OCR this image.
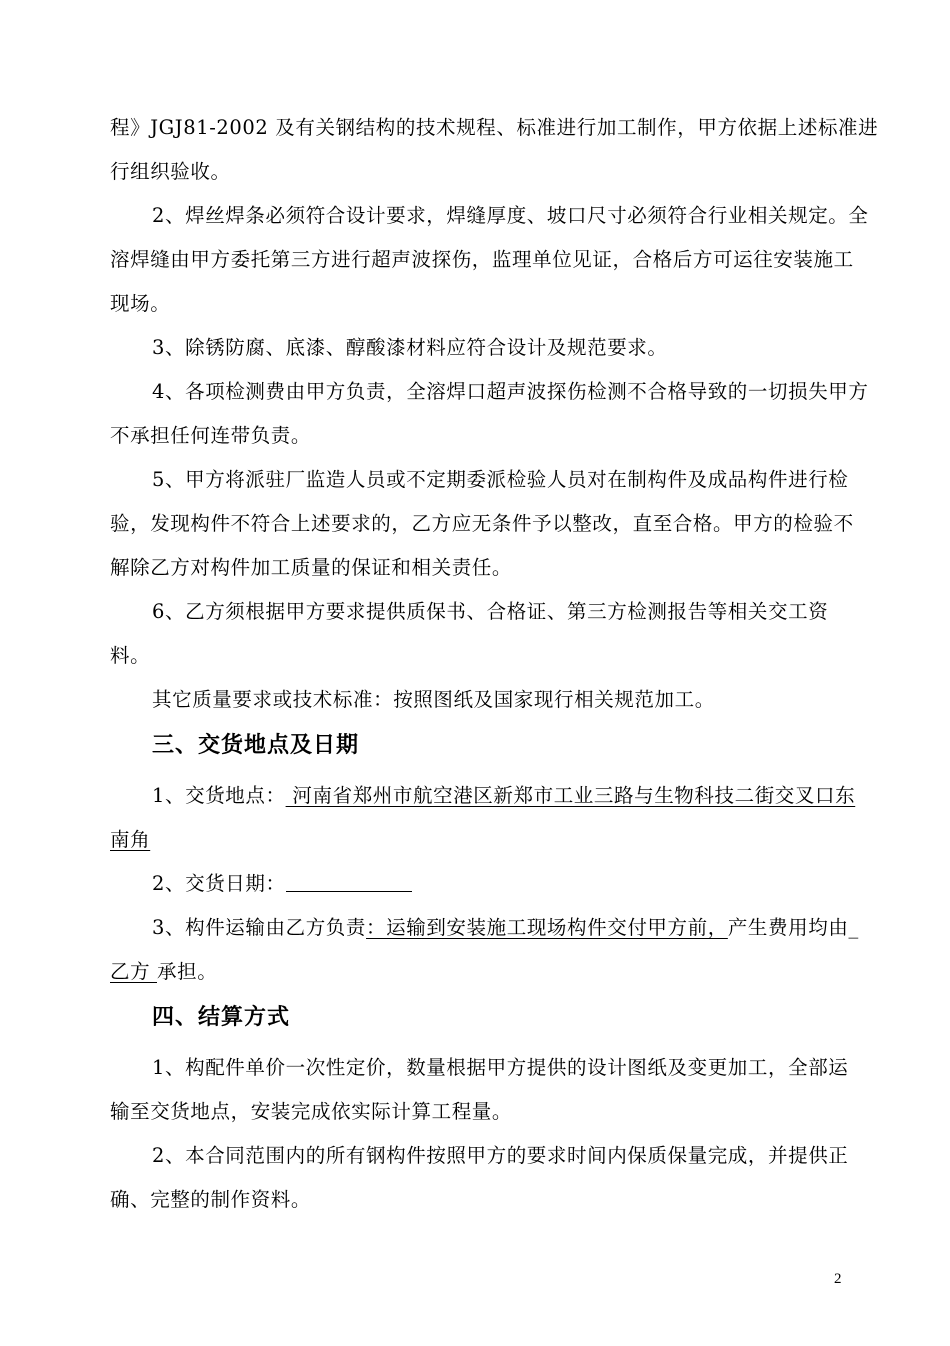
程》JGJ81-2002 及有关钢结构的技术规程、标准进行加工制作，甲方依据上述标准进
行组织验收。
2、焊丝焊条必须符合设计要求，焊缝厚度、坡口尺寸必须符合行业相关规定。全
溶焊缝由甲方委托第三方进行超声波探伤，监理单位见证，合格后方可运往安装施工
现场。
3、除锈防腐、底漆、醇酸漆材料应符合设计及规范要求。
4、各项检测费由甲方负责，全溶焊口超声波探伤检测不合格导致的一切损失甲方
不承担任何连带负责。
5、甲方将派驻厂监造人员或不定期委派检验人员对在制构件及成品构件进行检
验，发现构件不符合上述要求的，乙方应无条件予以整改，直至合格。甲方的检验不
解除乙方对构件加工质量的保证和相关责任。
6、乙方须根据甲方要求提供质保书、合格证、第三方检测报告等相关交工资
料。
其它质量要求或技术标准：按照图纸及国家现行相关规范加工。
三、交货地点及日期
1、交货地点： 河南省郑州市航空港区新郑市工业三路与生物科技二街交叉口东
南角
2、交货日期：
3、构件运输由乙方负责：运输到安装施工现场构件交付甲方前，产生费用均由_
乙方 承担。
四、结算方式
1、构配件单价一次性定价，数量根据甲方提供的设计图纸及变更加工，全部运
输至交货地点，安装完成依实际计算工程量。
2、本合同范围内的所有钢构件按照甲方的要求时间内保质保量完成，并提供正
确、完整的制作资料。
2
